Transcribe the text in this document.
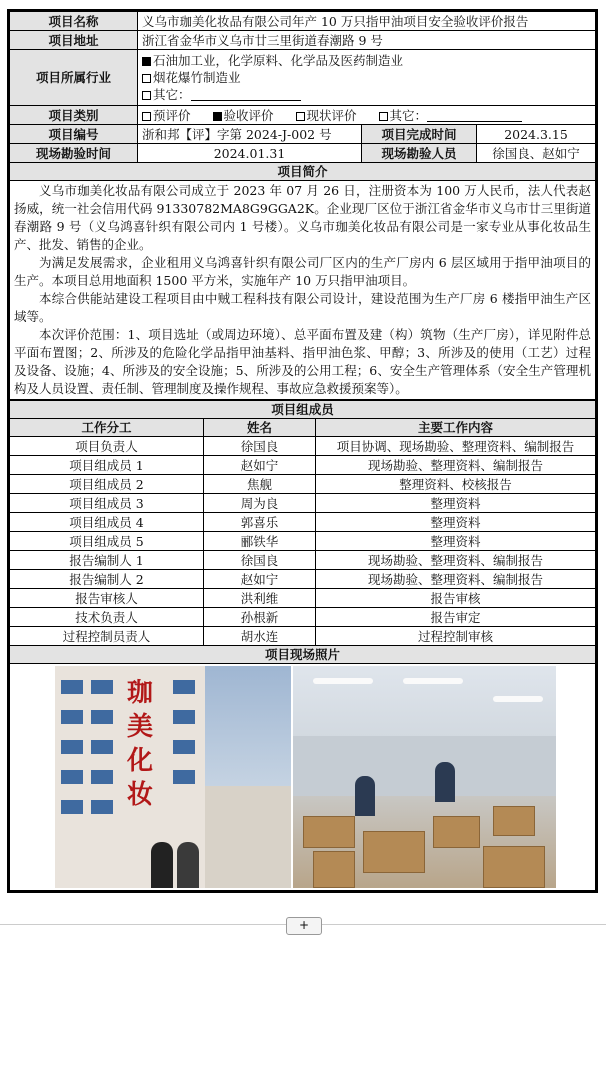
项目名称	义乌市珈美化妆品有限公司年产 10 万只指甲油项目安全验收评价报告		
项目地址	浙江省金华市义乌市廿三里街道春潮路 9 号		
项目所属行业	石油加工业，化学原料、化学品及医药制造业
烟花爆竹制造业
其它：		

项目类别	预评价 验收评价 现状评价 其它：		
项目编号	浙和邦【评】字第 2024-J-002 号	项目完成时间	2024.3.15
现场勘验时间	2024.01.31	现场勘验人员	徐国良、赵如宁
项目简介			

义乌市珈美化妆品有限公司成立于 2023 年 07 月 26 日，注册资本为 100 万人民币，法人代表赵扬威，统一社会信用代码 91330782MA8G9GGA2K。企业现厂区位于浙江省金华市义乌市廿三里街道春潮路 9 号（义乌鸿喜针织有限公司内 1 号楼）。义乌市珈美化妆品有限公司是一家专业从事化妆品生产、批发、销售的企业。

为满足发展需求，企业租用义乌鸿喜针织有限公司厂区内的生产厂房内 6 层区域用于指甲油项目的生产。本项目总用地面积 1500 平方米，实施年产 10 万只指甲油项目。

本综合供能站建设工程项目由中贼工程科技有限公司设计，建设范围为生产厂房 6 楼指甲油生产区域等。

本次评价范围：1、项目选址（或周边环境）、总平面布置及建（构）筑物（生产厂房），详见附件总平面布置图；2、所涉及的危险化学品指甲油基料、指甲油色浆、甲醇；3、所涉及的使用（工艺）过程及设备、设施；4、所涉及的安全设施；5、所涉及的公用工程；6、安全生产管理体系（安全生产管理机构及人员设置、责任制、管理制度及操作规程、事故应急救援预案等）。			

项目组成员		
工作分工	姓名	主要工作内容
项目负责人	徐国良	项目协调、现场勘验、整理资料、编制报告
项目组成员 1	赵如宁	现场勘验、整理资料、编制报告
项目组成员 2	焦舰	整理资料、校核报告
项目组成员 3	周为良	整理资料
项目组成员 4	郭喜乐	整理资料
项目组成员 5	郦铁华	整理资料
报告编制人 1	徐国良	现场勘验、整理资料、编制报告
报告编制人 2	赵如宁	现场勘验、整理资料、编制报告
报告审核人	洪利维	报告审核
技术负责人	孙根新	报告审定
过程控制员责人	胡水连	过程控制审核
项目现场照片		

珈
美
化
妆		

+
